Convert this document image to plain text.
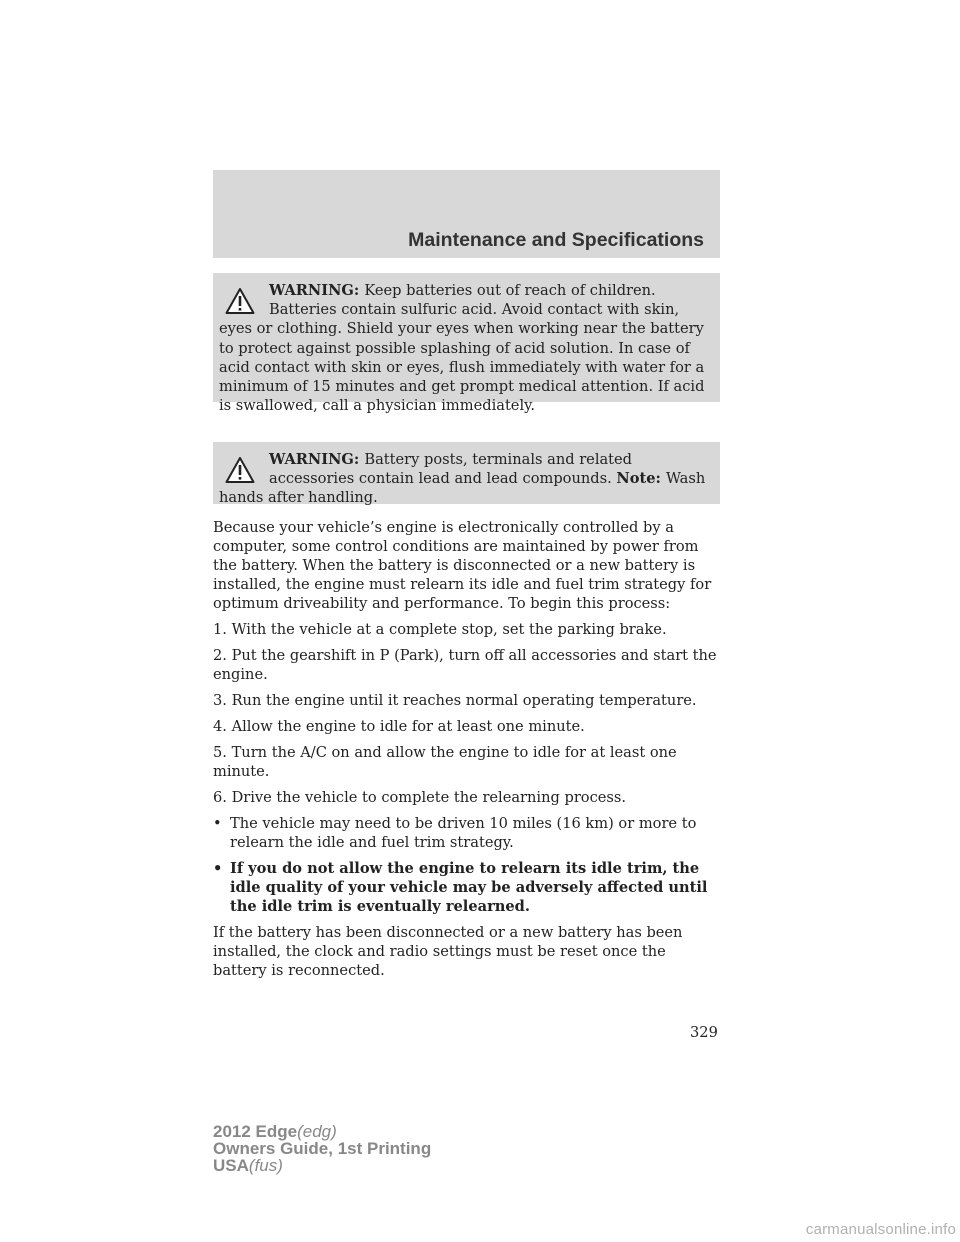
Maintenance and Specifications
WARNING: Keep batteries out of reach of children. Batteries contain sulfuric acid. Avoid contact with skin, eyes or clothing. Shield your eyes when working near the battery to protect against possible splashing of acid solution. In case of acid contact with skin or eyes, flush immediately with water for a minimum of 15 minutes and get prompt medical attention. If acid is swallowed, call a physician immediately.
WARNING: Battery posts, terminals and related accessories contain lead and lead compounds. Note: Wash hands after handling.

Because your vehicle’s engine is electronically controlled by a computer, some control conditions are maintained by power from the battery. When the battery is disconnected or a new battery is installed, the engine must relearn its idle and fuel trim strategy for optimum driveability and performance. To begin this process:

1. With the vehicle at a complete stop, set the parking brake.

2. Put the gearshift in P (Park), turn off all accessories and start the engine.

3. Run the engine until it reaches normal operating temperature.

4. Allow the engine to idle for at least one minute.

5. Turn the A/C on and allow the engine to idle for at least one minute.

6. Drive the vehicle to complete the relearning process.

• The vehicle may need to be driven 10 miles (16 km) or more to relearn the idle and fuel trim strategy.
• If you do not allow the engine to relearn its idle trim, the idle quality of your vehicle may be adversely affected until the idle trim is eventually relearned.

If the battery has been disconnected or a new battery has been installed, the clock and radio settings must be reset once the battery is reconnected.

329
2012 Edge(edg)
Owners Guide, 1st Printing
USA(fus)
carmanualsonline.info
